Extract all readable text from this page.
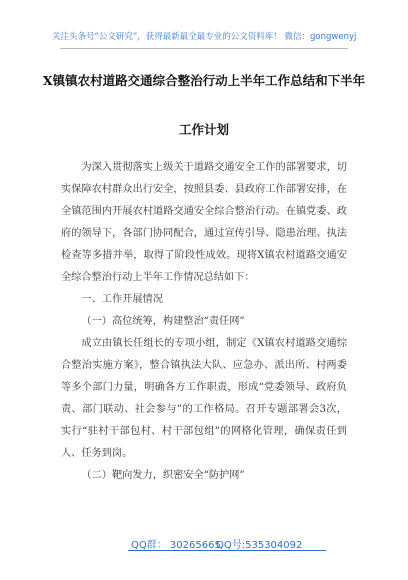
关注头条号“公文研究”，获得最新最全最专业的公文资料库！ 微信：gongwenyj
X镇镇农村道路交通综合整治行动上半年工作总结和下半年
工作计划

为深入贯彻落实上级关于道路交通安全工作的部署要求，切实保障农村群众出行安全，按照县委、县政府工作部署安排，在全镇范围内开展农村道路交通安全综合整治行动。在镇党委、政府的领导下，各部门协同配合，通过宣传引导、隐患治理、执法检查等多措并举，取得了阶段性成效。现将X镇农村道路交通安全综合整治行动上半年工作情况总结如下：

一、工作开展情况

（一）高位统筹，构建整治“责任网”

成立由镇长任组长的专项小组，制定《X镇农村道路交通综合整治实施方案》，整合镇执法大队、应急办、派出所、村两委等多个部门力量，明确各方工作职责，形成“党委领导、政府负责、部门联动、社会参与”的工作格局。召开专题部署会3次，实行“驻村干部包村、村干部包组”的网格化管理，确保责任到人、任务到岗。

（二）靶向发力，织密安全“防护网”

QQ群： 30265665
QQ号:535304092
